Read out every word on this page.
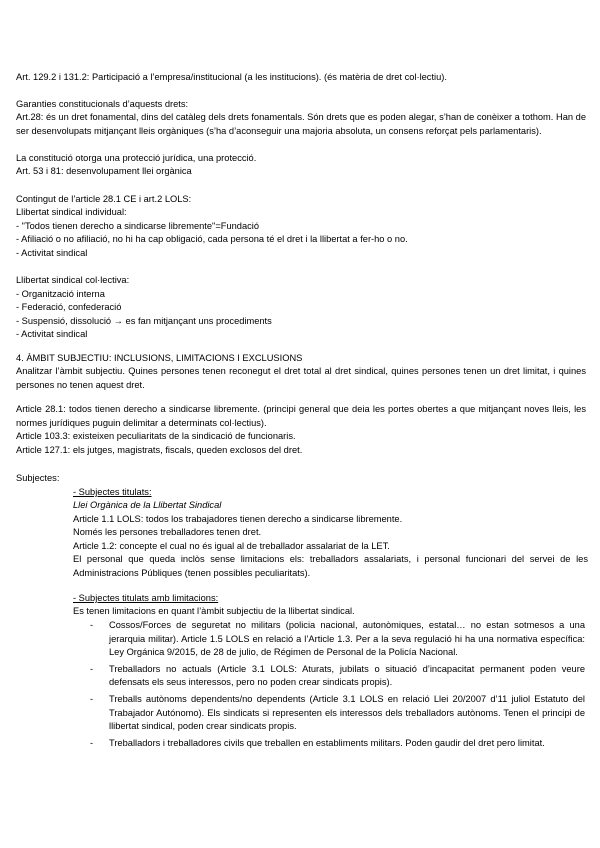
Art. 129.2 i 131.2: Participació a l’empresa/institucional (a les institucions). (és matèria de dret col·lectiu).

Garanties constitucionals d’aquests drets:

Art.28: és un dret fonamental, dins del catàleg dels drets fonamentals. Són drets que es poden alegar, s’han de conèixer a tothom. Han de ser desenvolupats mitjançant lleis orgàniques (s’ha d’aconseguir una majoria absoluta, un consens reforçat pels parlamentaris).

La constitució otorga una protecció jurídica, una protecció.

Art. 53 i 81: desenvolupament llei orgànica

Contingut de l’article 28.1 CE i art.2 LOLS:

Llibertat sindical individual:

- "Todos tienen derecho a sindicarse libremente"=Fundació

- Afiliació o no afiliació, no hi ha cap obligació, cada persona té el dret i la llibertat a fer-ho o no.

- Activitat sindical

Llibertat sindical col·lectiva:

- Organització interna

- Federació, confederació

- Suspensió, dissolució → es fan mitjançant uns procediments

- Activitat sindical

4. ÀMBIT SUBJECTIU: INCLUSIONS, LIMITACIONS I EXCLUSIONS

Analitzar l’àmbit subjectiu. Quines persones tenen reconegut el dret total al dret sindical, quines persones tenen un dret limitat, i quines persones no tenen aquest dret.

Article 28.1: todos tienen derecho a sindicarse libremente. (principi general que deia les portes obertes a que mitjançant noves lleis, les normes jurídiques puguin delimitar a determinats col·lectius).

Article 103.3: existeixen peculiaritats de la sindicació de funcionaris.

Article 127.1: els jutges, magistrats, fiscals, queden exclosos del dret.

Subjectes:

- Subjectes titulats:

Llei Orgànica de la Llibertat Sindical

Article 1.1 LOLS: todos los trabajadores tienen derecho a sindicarse libremente.

Només les persones treballadores tenen dret.

Article 1.2: concepte el cual no és igual al de treballador assalariat de la LET.

El personal que queda inclòs sense limitacions els: treballadors assalariats, i personal funcionari del servei de les Administracions Públiques (tenen possibles peculiaritats).

- Subjectes titulats amb limitacions:

Es tenen limitacions en quant l’àmbit subjectiu de la llibertat sindical.

- Cossos/Forces de seguretat no militars (policia nacional, autonòmiques, estatal… no estan sotmesos a una jerarquia militar). Article 1.5 LOLS en relació a l’Article 1.3. Per a la seva regulació hi ha una normativa específica: Ley Orgánica 9/2015, de 28 de julio, de Régimen de Personal de la Policía Nacional.
- Treballadors no actuals (Article 3.1 LOLS: Aturats, jubilats o situació d’incapacitat permanent poden veure defensats els seus interessos, pero no poden crear sindicats propis).
- Treballs autònoms dependents/no dependents (Article 3.1 LOLS en relació Llei 20/2007 d’11 juliol Estatuto del Trabajador Autónomo). Els sindicats si representen els interessos dels treballadors autònoms. Tenen el principi de llibertat sindical, poden crear sindicats propis.
- Treballadors i treballadores civils que treballen en establiments militars. Poden gaudir del dret pero limitat.
